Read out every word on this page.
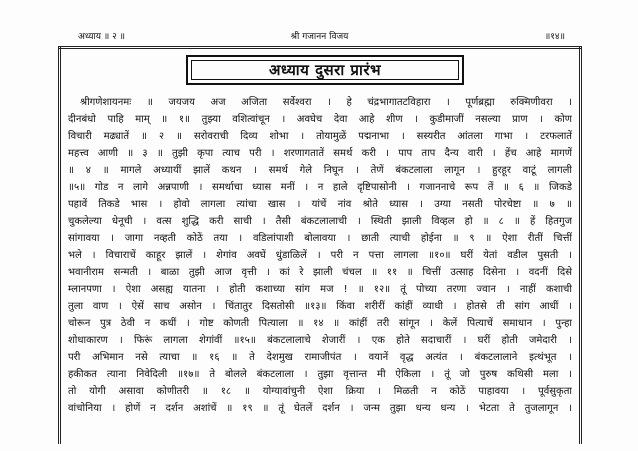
अध्याय ॥ २ ॥	श्री गजानन विजय	॥१४॥
अध्याय दुसरा प्रारंभ
श्रीगणेशायनमः ॥ जयजय अज अजिता सर्वेश्वरा । हे चंद्रभागातटविहारा । पूर्णब्रह्मा रुक्मिणीवरा ।
दीनबंधो पाहि माम् ॥ १॥ तुझ्या वशित्वांचून । अवघेच देवा आहे शीण । कुडीमाजीं नसल्या प्राण । कोण
विचारी मढ्यातें ॥ २ ॥ सरोवराची दिव्य शोभा । तोयामुळें पद्मनाभा । सस्यरीत आंतला गाभा । टरफलातें
महत्त्व आणी ॥ ३ ॥ तुझी कृपा त्याच परी । शरणागतातें समर्थ करी । पाप ताप दैन्य वारी । हेंच आहे मागणें
॥ ४ ॥ मागले अध्यायीं झालें कथन । समर्थ गेले निघून । तेणें बंकटलाला लागून । हुरहूर वाटूं लागली
॥५॥ गोड न लागे अन्नपाणी । समर्थाचा ध्यास मनीं । न हाले दृष्टिपासोनी । गजाननाचे रूप तें ॥ ६ ॥ जिकडे
पहावें तिकडे भास । होवो लागला त्यांचा खास । यांचें नांव श्रोते ध्यास । उग्या नसती पोरचेष्टा ॥ ७ ॥
चुकलेल्या धेनूची । वत्स शुद्धि करी साची । तैसी बंकटलालाची । स्थिती झाली विव्हल हो ॥ ८ ॥ हें हितगुज
सांगावया । जागा नव्हती कोठें तया । वडिलांपाशी बोलावया । छाती त्याची होईना ॥ ९ ॥ ऐशा रीतीं चित्तीं
भले । विचाराचें काहूर झालें । शेगांव अवघें धुंडाळिलें । परी न पत्ता लागला ॥१०॥ घरीं येतां वडील पुसती ।
भवानीराम सन्मती । बाळा तुझी आज वृत्ती । कां रे झाली चंचल ॥ ११ ॥ चित्तीं उत्साह दिसेना । वदनीं दिसे
म्लानपणा । ऐशा असह्य यातना । होती कशाच्या सांग मज ! ॥ १२॥ तूं पोच्या तरणा ज्वान । नाहीं कशाची
तुला वाण । ऐसें साच असोन । चिंतातुर दिसतोसी ॥१३॥ किंवा शरीरीं कांहीं व्याधी । होतसे ती सांग आधीं ।
चोरून पुत्र ठेवी न कधीं । गोष्ट कोणती पित्याला ॥ १४ ॥ कांहीं तरी सांगून । केलें पित्याचें समाधान । पुन्हा
शोधाकारण । फिरूं लागला शेगांवीं ॥१५॥ बंकटलालाचे शेजारीं । एक होते सदाचारीं । घरीं होती जमेदारी ।
परी अभिमान नसे त्याचा ॥ १६ ॥ ते देशमुख रामाजीपंत । वयानें वृद्ध अत्यंत । बंकटलालाने इत्थंभूत ।
हकीकत त्याना निवेदिली ॥१७॥ ते बोलले बंकटलाला । तुझा वृत्तान्त मी ऐकिला । तूं जो पुरुष कथिसी मला ।
तो योगी असावा कोणीतरी ॥ १८ ॥ योग्यावांचुनी ऐशा क्रिया । मिळती न कोठें पाहावया । पूर्वसुकृता
वांचोनिया । होणें न दर्शन अशांचें ॥ १९ ॥ तूं घेतलें दर्शन । जन्म तुझा धन्य धन्य । भेटता ते तुजलागून ।
